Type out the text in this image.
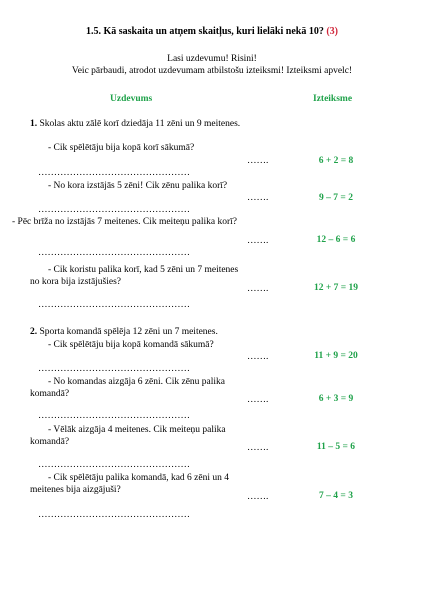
1.5. Kā saskaita un atņem skaitļus, kuri lielāki nekā 10? (3)
Lasi uzdevumu! Risini!
Veic pārbaudi, atrodot uzdevumam atbilstošu izteiksmi! Izteiksmi apvelc!
Uzdevums	Izteiksme
1. Skolas aktu zālē korī dziedāja 11 zēni un 9 meitenes.
- Cik spēlētāju bija kopā korī sākumā?
…….	6 + 2 = 8
…………………………………………
- No kora izstājās 5 zēni! Cik zēnu palika korī?
…….	9 – 7 = 2
…………………………………………
- Pēc brīža no izstājās 7 meitenes. Cik meiteņu palika korī?
…….	12 – 6 = 6
…………………………………………
- Cik koristu palika korī, kad 5 zēni un 7 meitenes no kora bija izstājušies?
…….	12 + 7 = 19
…………………………………………
2. Sporta komandā spēlēja 12 zēni un 7 meitenes.
- Cik spēlētāju bija kopā komandā sākumā?
…….	11 + 9 = 20
…………………………………………
- No komandas aizgāja 6 zēni. Cik zēnu palika komandā?
…….	6 + 3 = 9
…………………………………………
- Vēlāk aizgāja 4 meitenes. Cik meiteņu palika komandā?
…….	11 – 5 = 6
…………………………………………
- Cik spēlētāju palika komandā, kad 6 zēni un 4 meitenes bija aizgājuši?
…….	7 – 4 = 3
…………………………………………
